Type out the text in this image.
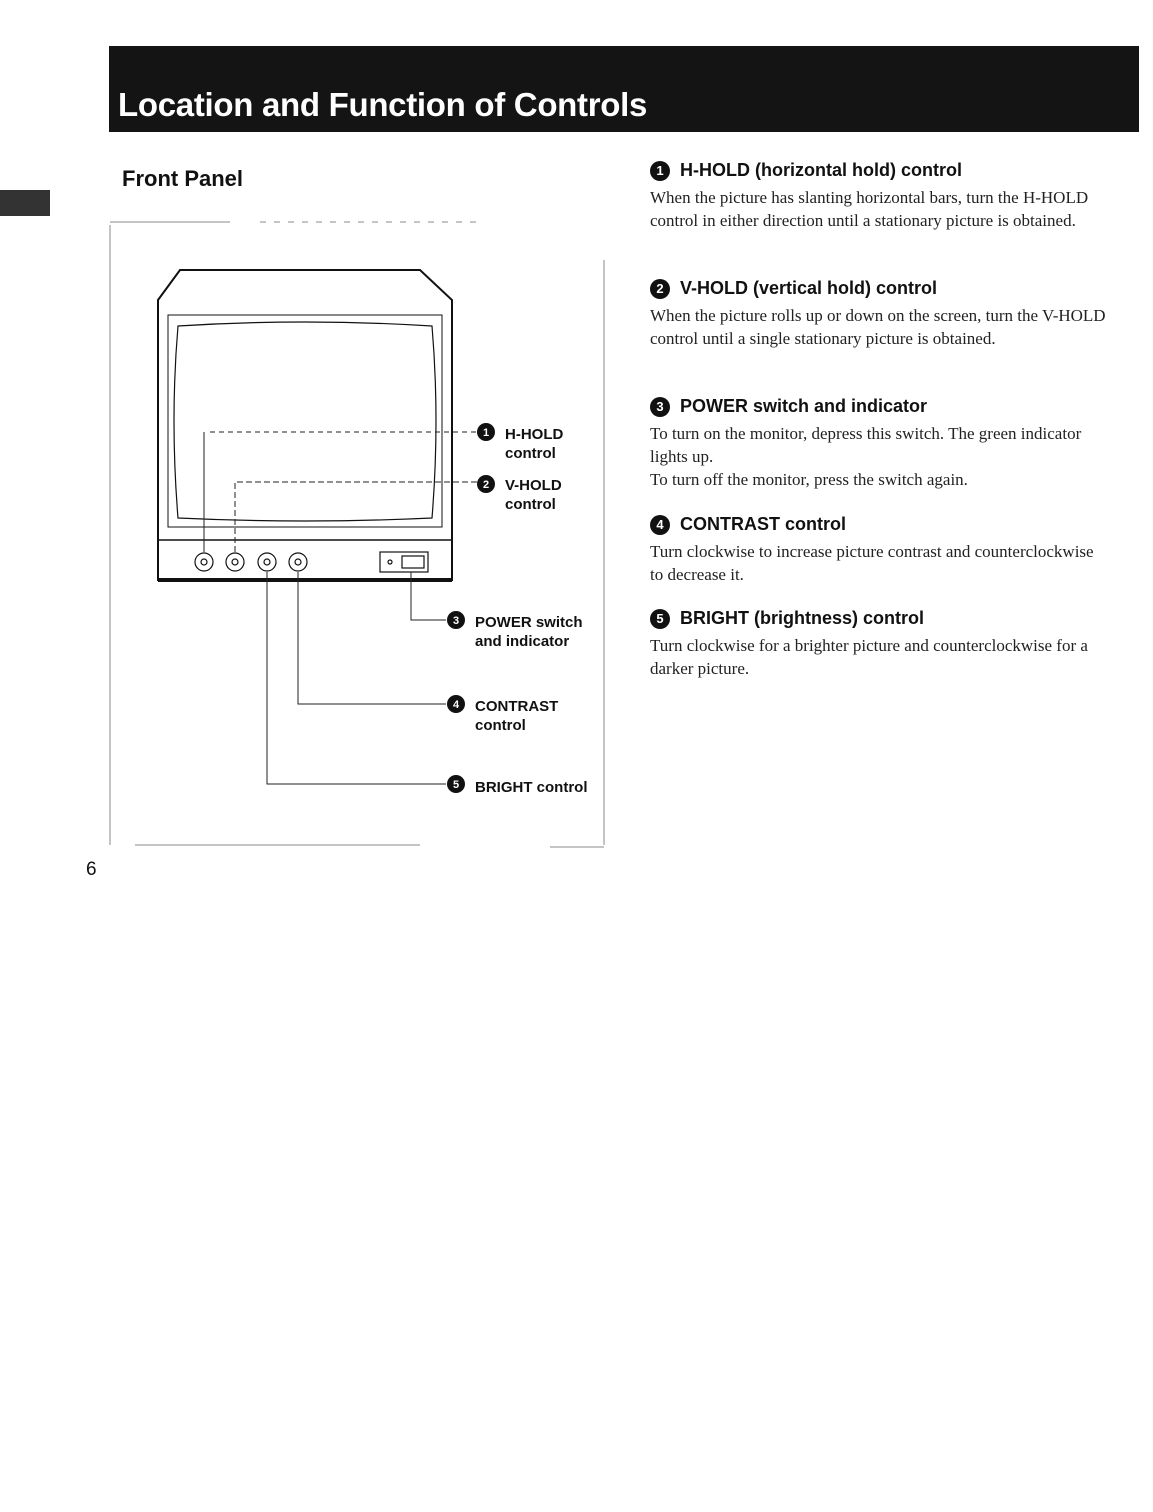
Location and Function of Controls
Front Panel
1
2
3
4
5
H-HOLD
control
V-HOLD
control
POWER switch
and indicator
CONTRAST
control
BRIGHT control
1 H-HOLD (horizontal hold) control

When the picture has slanting horizontal bars, turn the H-HOLD control in either direction until a stationary picture is obtained.

2 V-HOLD (vertical hold) control

When the picture rolls up or down on the screen, turn the V-HOLD control until a single stationary picture is obtained.

3 POWER switch and indicator

To turn on the monitor, depress this switch. The green indicator lights up.

To turn off the monitor, press the switch again.

4 CONTRAST control

Turn clockwise to increase picture contrast and counterclockwise to decrease it.

5 BRIGHT (brightness) control

Turn clockwise for a brighter picture and counterclockwise for a darker picture.

6
